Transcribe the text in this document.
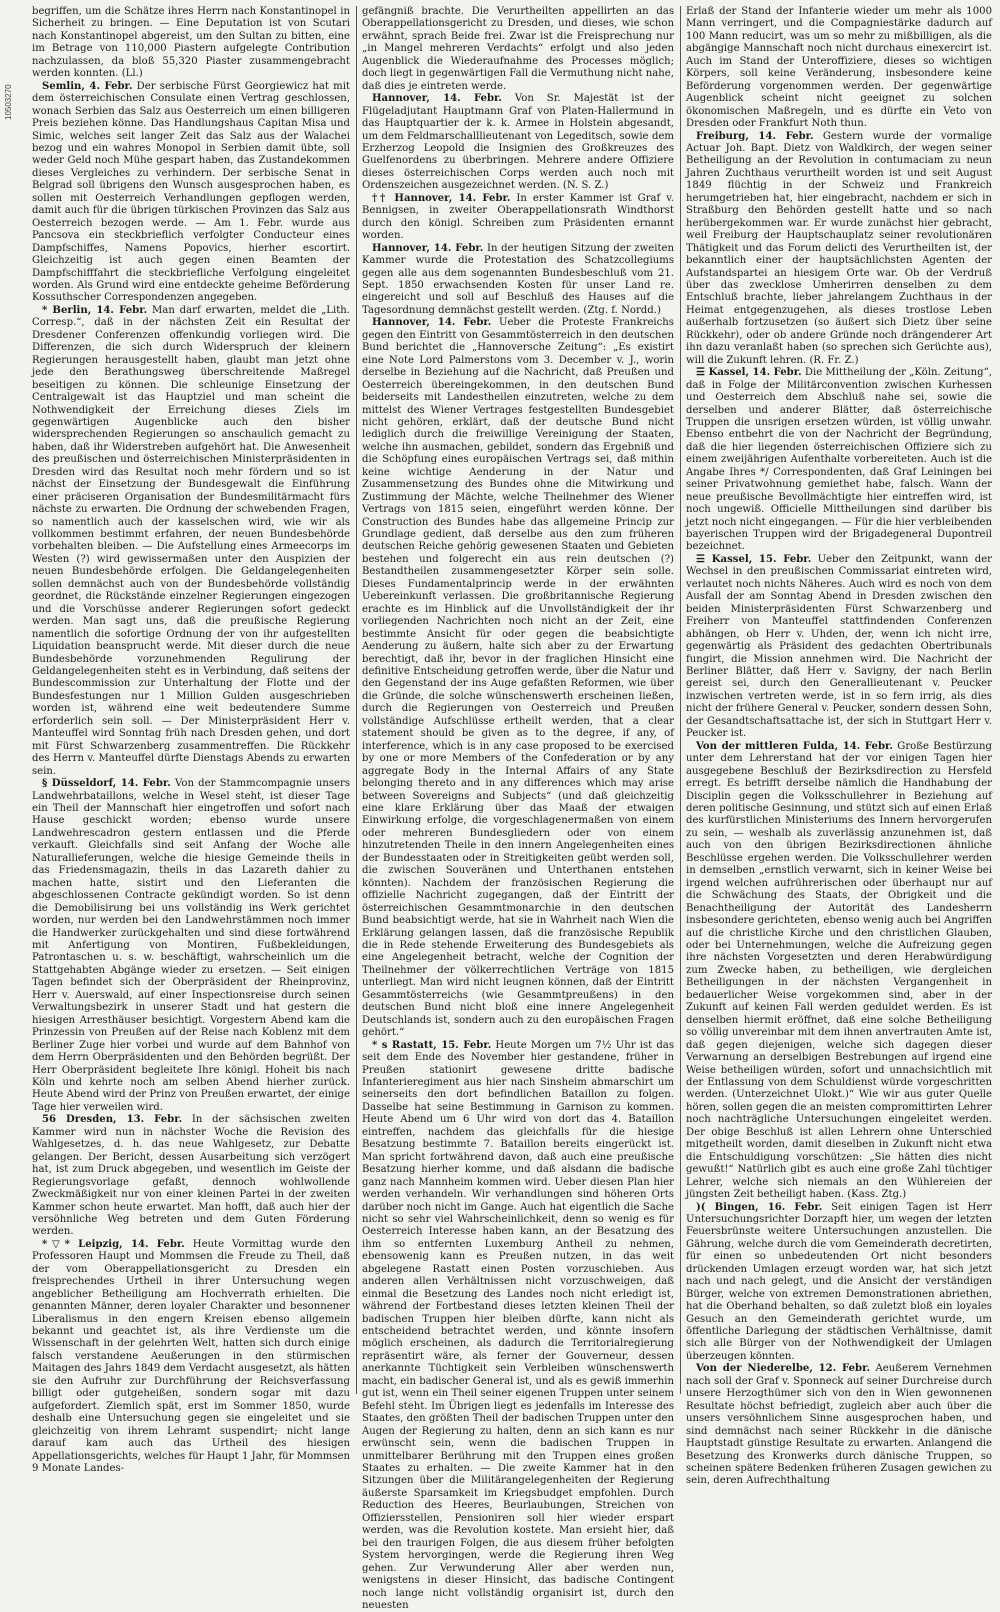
10503270

begriffen, um die Schätze ihres Herrn nach Konstantinopel in Sicherheit zu bringen. — Eine Deputation ist von Scutari nach Konstantinopel abgereist, um den Sultan zu bitten, eine im Betrage von 110,000 Piastern aufgelegte Contribution nachzulassen, da bloß 55,320 Piaster zusammengebracht werden konnten. (Ll.)

Semlin, 4. Febr. Der serbische Fürst Georgiewicz hat mit dem österreichischen Consulate einen Vertrag geschlossen, wonach Serbien das Salz aus Oesterreich um einen billigeren Preis beziehen könne. Das Handlungshaus Capitan Misa und Simic, welches seit langer Zeit das Salz aus der Walachei bezog und ein wahres Monopol in Serbien damit übte, soll weder Geld noch Mühe gespart haben, das Zustandekommen dieses Vergleiches zu verhindern. Der serbische Senat in Belgrad soll übrigens den Wunsch ausgesprochen haben, es sollen mit Oesterreich Verhandlungen gepflogen werden, damit auch für die übrigen türkischen Provinzen das Salz aus Oesterreich bezogen werde. — Am 1. Febr. wurde aus Pancsova ein steckbrieflich verfolgter Conducteur eines Dampfschiffes, Namens Popovics, hierher escortirt. Gleichzeitig ist auch gegen einen Beamten der Dampfschifffahrt die steckbriefliche Verfolgung eingeleitet worden. Als Grund wird eine entdeckte geheime Beförderung Kossuthscher Correspondenzen angegeben.

* Berlin, 14. Febr. Man darf erwarten, meldet die „Lith. Corresp.“, daß in der nächsten Zeit ein Resultat der Dresdener Conferenzen offenkundig vorliegen wird. Die Differenzen, die sich durch Widerspruch der kleinern Regierungen herausgestellt haben, glaubt man jetzt ohne jede den Berathungsweg überschreitende Maßregel beseitigen zu können. Die schleunige Einsetzung der Centralgewalt ist das Hauptziel und man scheint die Nothwendigkeit der Erreichung dieses Ziels im gegenwärtigen Augenblicke auch den bisher widersprechenden Regierungen so anschaulich gemacht zu haben, daß ihr Widerstreben aufgehört hat. Die Anwesenheit des preußischen und österreichischen Ministerpräsidenten in Dresden wird das Resultat noch mehr fördern und so ist nächst der Einsetzung der Bundesgewalt die Einführung einer präciseren Organisation der Bundesmilitärmacht fürs nächste zu erwarten. Die Ordnung der schwebenden Fragen, so namentlich auch der kasselschen wird, wie wir als vollkommen bestimmt erfahren, der neuen Bundesbehörde vorbehalten bleiben. — Die Aufstellung eines Armeecorps im Westen (?) wird gewissermaßen unter den Auspizien der neuen Bundesbehörde erfolgen. Die Geldangelegenheiten sollen demnächst auch von der Bundesbehörde vollständig geordnet, die Rückstände einzelner Regierungen eingezogen und die Vorschüsse anderer Regierungen sofort gedeckt werden. Man sagt uns, daß die preußische Regierung namentlich die sofortige Ordnung der von ihr aufgestellten Liquidation beansprucht werde. Mit dieser durch die neue Bundesbehörde vorzunehmenden Regulirung der Geldangelegenheiten steht es in Verbindung, daß seitens der Bundescommission zur Unterhaltung der Flotte und der Bundesfestungen nur 1 Million Gulden ausgeschrieben worden ist, während eine weit bedeutendere Summe erforderlich sein soll. — Der Ministerpräsident Herr v. Manteuffel wird Sonntag früh nach Dresden gehen, und dort mit Fürst Schwarzenberg zusammentreffen. Die Rückkehr des Herrn v. Manteuffel dürfte Dienstags Abends zu erwarten sein.

§ Düsseldorf, 14. Febr. Von der Stammcompagnie unsers Landwehrbataillons, welche in Wesel steht, ist dieser Tage ein Theil der Mannschaft hier eingetroffen und sofort nach Hause geschickt worden; ebenso wurde unsere Landwehrescadron gestern entlassen und die Pferde verkauft. Gleichfalls sind seit Anfang der Woche alle Naturallieferungen, welche die hiesige Gemeinde theils in das Friedensmagazin, theils in das Lazareth dahier zu machen hatte, sistirt und den Lieferanten die abgeschlossenen Contracte gekündigt worden. So ist denn die Demobilisirung bei uns vollständig ins Werk gerichtet worden, nur werden bei den Landwehrstämmen noch immer die Handwerker zurückgehalten und sind diese fortwährend mit Anfertigung von Montiren, Fußbekleidungen, Patrontaschen u. s. w. beschäftigt, wahrscheinlich um die Stattgehabten Abgänge wieder zu ersetzen. — Seit einigen Tagen befindet sich der Oberpräsident der Rheinprovinz, Herr v. Auerswald, auf einer Inspectionsreise durch seinen Verwaltungsbezirk in unserer Stadt und hat gestern die hiesigen Arresthäuser besichtigt. Vorgestern Abend kam die Prinzessin von Preußen auf der Reise nach Koblenz mit dem Berliner Zuge hier vorbei und wurde auf dem Bahnhof von dem Herrn Oberpräsidenten und den Behörden begrüßt. Der Herr Oberpräsident begleitete Ihre königl. Hoheit bis nach Köln und kehrte noch am selben Abend hierher zurück. Heute Abend wird der Prinz von Preußen erwartet, der einige Tage hier verweilen wird.

56 Dresden, 13. Febr. In der sächsischen zweiten Kammer wird nun in nächster Woche die Revision des Wahlgesetzes, d. h. das neue Wahlgesetz, zur Debatte gelangen. Der Bericht, dessen Ausarbeitung sich verzögert hat, ist zum Druck abgegeben, und wesentlich im Geiste der Regierungsvorlage gefaßt, dennoch wohlwollende Zweckmäßigkeit nur von einer kleinen Partei in der zweiten Kammer schon heute erwartet. Man hofft, daß auch hier der versöhnliche Weg betreten und dem Guten Förderung werden.

*▽* Leipzig, 14. Febr. Heute Vormittag wurde den Professoren Haupt und Mommsen die Freude zu Theil, daß der vom Oberappellationsgericht zu Dresden ein freisprechendes Urtheil in ihrer Untersuchung wegen angeblicher Betheiligung am Hochverrath erhielten. Die genannten Männer, deren loyaler Charakter und besonnener Liberalismus in den engern Kreisen ebenso allgemein bekannt und geachtet ist, als ihre Verdienste um die Wissenschaft in der gelehrten Welt, hatten sich durch einige falsch verstandene Aeußerungen in den stürmischen Maitagen des Jahrs 1849 dem Verdacht ausgesetzt, als hätten sie den Aufruhr zur Durchführung der Reichsverfassung billigt oder gutgeheißen, sondern sogar mit dazu aufgefordert. Ziemlich spät, erst im Sommer 1850, wurde deshalb eine Untersuchung gegen sie eingeleitet und sie gleichzeitig von ihrem Lehramt suspendirt; nicht lange darauf kam auch das Urtheil des hiesigen Appellationsgerichts, welches für Haupt 1 Jahr, für Mommsen 9 Monate Landes-

gefängniß brachte. Die Verurtheilten appellirten an das Oberappellationsgericht zu Dresden, und dieses, wie schon erwähnt, sprach Beide frei. Zwar ist die Freisprechung nur „in Mangel mehreren Verdachts“ erfolgt und also jeden Augenblick die Wiederaufnahme des Processes möglich; doch liegt in gegenwärtigen Fall die Vermuthung nicht nahe, daß dies je eintreten werde.

Hannover, 14. Febr. Von Sr. Majestät ist der Flügeladjutant Hauptmann Graf von Platen-Hallermund in das Hauptquartier der k. k. Armee in Holstein abgesandt, um dem Feldmarschalllieutenant von Legeditsch, sowie dem Erzherzog Leopold die Insignien des Großkreuzes des Guelfenordens zu überbringen. Mehrere andere Offiziere dieses österreichischen Corps werden auch noch mit Ordenszeichen ausgezeichnet werden. (N. S. Z.)

†† Hannover, 14. Febr. In erster Kammer ist Graf v. Bennigsen, in zweiter Oberappellationsrath Windthorst durch den königl. Schreiben zum Präsidenten ernannt worden.

Hannover, 14. Febr. In der heutigen Sitzung der zweiten Kammer wurde die Protestation des Schatzcollegiums gegen alle aus dem sogenannten Bundesbeschluß vom 21. Sept. 1850 erwachsenden Kosten für unser Land re. eingereicht und soll auf Beschluß des Hauses auf die Tagesordnung demnächst gestellt werden. (Ztg. f. Nordd.)

Hannover, 14. Febr. Ueber die Proteste Frankreichs gegen den Eintritt von Gesammtösterreich in den deutschen Bund berichtet die „Hannoversche Zeitung“: „Es existirt eine Note Lord Palmerstons vom 3. December v. J., worin derselbe in Beziehung auf die Nachricht, daß Preußen und Oesterreich übereingekommen, in den deutschen Bund beiderseits mit Landestheilen einzutreten, welche zu dem mittelst des Wiener Vertrages festgestellten Bundesgebiet nicht gehören, erklärt, daß der deutsche Bund nicht lediglich durch die freiwillige Vereinigung der Staaten, welche ihn ausmachen, gebildet, sondern das Ergebniß und die Schöpfung eines europäischen Vertrags sei, daß mithin keine wichtige Aenderung in der Natur und Zusammensetzung des Bundes ohne die Mitwirkung und Zustimmung der Mächte, welche Theilnehmer des Wiener Vertrags von 1815 seien, eingeführt werden könne. Der Construction des Bundes habe das allgemeine Princip zur Grundlage gedient, daß derselbe aus den zum früheren deutschen Reiche gehörig gewesenen Staaten und Gebieten bestehen und folgerecht ein aus rein deutschen (?) Bestandtheilen zusammengesetzter Körper sein solle. Dieses Fundamentalprincip werde in der erwähnten Uebereinkunft verlassen. Die großbritannische Regierung erachte es im Hinblick auf die Unvollständigkeit der ihr vorliegenden Nachrichten noch nicht an der Zeit, eine bestimmte Ansicht für oder gegen die beabsichtigte Aenderung zu äußern, halte sich aber zu der Erwartung berechtigt, daß ihr, bevor in der fraglichen Hinsicht eine definitive Entscheidung getroffen werde, über die Natur und den Gegenstand der ins Auge gefaßten Reformen, wie über die Gründe, die solche wünschenswerth erscheinen ließen, durch die Regierungen von Oesterreich und Preußen vollständige Aufschlüsse ertheilt werden, that a clear statement should be given as to the degree, if any, of interference, which is in any case proposed to be exercised by one or more Members of the Confederation or by any aggregate Body in the Internal Affairs of any State belonging thereto and in any differences which may arise between Sovereigns and Subjects“ (und daß gleichzeitig eine klare Erklärung über das Maaß der etwaigen Einwirkung erfolge, die vorgeschlagenermaßen von einem oder mehreren Bundesgliedern oder von einem hinzutretenden Theile in den innern Angelegenheiten eines der Bundesstaaten oder in Streitigkeiten geübt werden soll, die zwischen Souveränen und Unterthanen entstehen könnten). Nachdem der französischen Regierung die offizielle Nachricht zugegangen, daß der Eintritt der österreichischen Gesammtmonarchie in den deutschen Bund beabsichtigt werde, hat sie in Wahrheit nach Wien die Erklärung gelangen lassen, daß die französische Republik die in Rede stehende Erweiterung des Bundesgebiets als eine Angelegenheit betracht, welche der Cognition der Theilnehmer der völkerrechtlichen Verträge von 1815 unterliegt. Man wird nicht leugnen können, daß der Eintritt Gesammtösterreichs (wie Gesammtpreußens) in den deutschen Bund nicht bloß eine innere Angelegenheit Deutschlands ist, sondern auch zu den europäischen Fragen gehört.“

* s Rastatt, 15. Febr. Heute Morgen um 7½ Uhr ist das seit dem Ende des November hier gestandene, früher in Preußen stationirt gewesene dritte badische Infanterieregiment aus hier nach Sinsheim abmarschirt um seinerseits den dort befindlichen Bataillon zu folgen. Dasselbe hat seine Bestimmung in Garnison zu kommen. Heute Abend um 6 Uhr wird von dort das 4. Bataillon eintreffen, nachdem das gleichfalls für die hiesige Besatzung bestimmte 7. Bataillon bereits eingerückt ist. Man spricht fortwährend davon, daß auch eine preußische Besatzung hierher komme, und daß alsdann die badische ganz nach Mannheim kommen wird. Ueber diesen Plan hier werden verhandeln. Wir verhandlungen sind höheren Orts darüber noch nicht im Gange. Auch hat eigentlich die Sache nicht so sehr viel Wahrscheinlichkeit, denn so wenig es für Oesterreich Interesse haben kann, an der Besatzung des ihm so entfernten Luxemburg Antheil zu nehmen, ebensowenig kann es Preußen nutzen, in das weit abgelegene Rastatt einen Posten vorzuschieben. Aus anderen allen Verhältnissen nicht vorzuschweigen, daß einmal die Besetzung des Landes noch nicht erledigt ist, während der Fortbestand dieses letzten kleinen Theil der badischen Truppen hier bleiben dürfte, kann nicht als entscheidend betrachtet werden, und könnte insofern möglich erscheinen, als dadurch die Territorialregierung repräsentirt wäre, als ferner der Gouverneur, dessen anerkannte Tüchtigkeit sein Verbleiben wünschenswerth macht, ein badischer General ist, und als es gewiß immerhin gut ist, wenn ein Theil seiner eigenen Truppen unter seinem Befehl steht. Im Übrigen liegt es jedenfalls im Interesse des Staates, den größten Theil der badischen Truppen unter den Augen der Regierung zu halten, denn an sich kann es nur erwünscht sein, wenn die badischen Truppen in unmittelbarer Berührung mit den Truppen eines großen Staates zu erhalten. — Die zweite Kammer hat in den Sitzungen über die Militärangelegenheiten der Regierung äußerste Sparsamkeit im Kriegsbudget empfohlen. Durch Reduction des Heeres, Beurlaubungen, Streichen von Offiziersstellen, Pensioniren soll hier wieder erspart werden, was die Revolution kostete. Man ersieht hier, daß bei den traurigen Folgen, die aus diesem früher befolgten System hervorgingen, werde die Regierung ihren Weg gehen. Zur Verwunderung Aller aber werden nun, wenigstens in dieser Hinsicht, das badische Contingent noch lange nicht vollständig organisirt ist, durch den neuesten

Erlaß der Stand der Infanterie wieder um mehr als 1000 Mann verringert, und die Compagniestärke dadurch auf 100 Mann reducirt, was um so mehr zu mißbilligen, als die abgängige Mannschaft noch nicht durchaus einexercirt ist. Auch im Stand der Unteroffiziere, dieses so wichtigen Körpers, soll keine Veränderung, insbesondere keine Beförderung vorgenommen werden. Der gegenwärtige Augenblick scheint nicht geeignet zu solchen ökonomischen Maßregeln, und es dürfte ein Veto von Dresden oder Frankfurt Noth thun.

Freiburg, 14. Febr. Gestern wurde der vormalige Actuar Joh. Bapt. Dietz von Waldkirch, der wegen seiner Betheiligung an der Revolution in contumaciam zu neun Jahren Zuchthaus verurtheilt worden ist und seit August 1849 flüchtig in der Schweiz und Frankreich herumgetrieben hat, hier eingebracht, nachdem er sich in Straßburg den Behörden gestellt hatte und so nach herübergekommen war. Er wurde zunächst hier gebracht, weil Freiburg der Hauptschauplatz seiner revolutionären Thätigkeit und das Forum delicti des Verurtheilten ist, der bekanntlich einer der hauptsächlichsten Agenten der Aufstandspartei an hiesigem Orte war. Ob der Verdruß über das zwecklose Umherirren denselben zu dem Entschluß brachte, lieber jahrelangem Zuchthaus in der Heimat entgegenzugehen, als dieses trostlose Leben außerhalb fortzusetzen (so äußert sich Dietz über seine Rückkehr), oder ob andere Gründe noch drängenderer Art ihn dazu veranlaßt haben (so sprechen sich Gerüchte aus), will die Zukunft lehren. (R. Fr. Z.)

☰ Kassel, 14. Febr. Die Mittheilung der „Köln. Zeitung“, daß in Folge der Militärconvention zwischen Kurhessen und Oesterreich dem Abschluß nahe sei, sowie die derselben und anderer Blätter, daß österreichische Truppen die unsrigen ersetzen würden, ist völlig unwahr. Ebenso entbehrt die von der Nachricht der Begründung, daß die hier liegenden österreichischen Offiziere sich zu einem zweijährigen Aufenthalte vorbereiteten. Auch ist die Angabe Ihres */ Correspondenten, daß Graf Leiningen bei seiner Privatwohnung gemiethet habe, falsch. Wann der neue preußische Bevollmächtigte hier eintreffen wird, ist noch ungewiß. Officielle Mittheilungen sind darüber bis jetzt noch nicht eingegangen. — Für die hier verbleibenden bayerischen Truppen wird der Brigadegeneral Dupontreil bezeichnet.

☰ Kassel, 15. Febr. Ueber den Zeitpunkt, wann der Wechsel in den preußischen Commissariat eintreten wird, verlautet noch nichts Näheres. Auch wird es noch von dem Ausfall der am Sonntag Abend in Dresden zwischen den beiden Ministerpräsidenten Fürst Schwarzenberg und Freiherr von Manteuffel stattfindenden Conferenzen abhängen, ob Herr v. Uhden, der, wenn ich nicht irre, gegenwärtig als Präsident des gedachten Obertribunals fungirt, die Mission annehmen wird. Die Nachricht der Berliner Blätter, daß Herr v. Savigny, der nach Berlin gereist sei, durch den Generallieutenant v. Peucker inzwischen vertreten werde, ist in so fern irrig, als dies nicht der frühere General v. Peucker, sondern dessen Sohn, der Gesandtschaftsattache ist, der sich in Stuttgart Herr v. Peucker ist.

Von der mittleren Fulda, 14. Febr. Große Bestürzung unter dem Lehrerstand hat der vor einigen Tagen hier ausgegebene Beschluß der Bezirksdirection zu Hersfeld erregt. Es betrifft derselbe nämlich die Handhabung der Disciplin gegen die Volksschullehrer in Beziehung auf deren politische Gesinnung, und stützt sich auf einen Erlaß des kurfürstlichen Ministeriums des Innern hervorgerufen zu sein, — weshalb als zuverlässig anzunehmen ist, daß auch von den übrigen Bezirksdirectionen ähnliche Beschlüsse ergehen werden. Die Volksschullehrer werden in demselben „ernstlich verwarnt, sich in keiner Weise bei irgend welchen aufrührerischen oder überhaupt nur auf die Schwächung des Staats, der Obrigkeit und die Benachtheiligung der Autorität des Landesherrn insbesondere gerichteten, ebenso wenig auch bei Angriffen auf die christliche Kirche und den christlichen Glauben, oder bei Unternehmungen, welche die Aufreizung gegen ihre nächsten Vorgesetzten und deren Herabwürdigung zum Zwecke haben, zu betheiligen, wie dergleichen Betheiligungen in der nächsten Vergangenheit in bedauerlicher Weise vorgekommen sind, aber in der Zukunft auf keinen Fall werden geduldet werden. Es ist denselben hiermit eröffnet, daß eine solche Betheiligung so völlig unvereinbar mit dem ihnen anvertrauten Amte ist, daß gegen diejenigen, welche sich dagegen dieser Verwarnung an derselbigen Bestrebungen auf irgend eine Weise betheiligen würden, sofort und unnachsichtlich mit der Entlassung von dem Schuldienst würde vorgeschritten werden. (Unterzeichnet Ulokt.)“ Wie wir aus guter Quelle hören, sollen gegen die an meisten compromittirten Lehrer noch nachträgliche Untersuchungen eingeleitet werden. Der obige Beschluß ist allen Lehrern ohne Unterschied mitgetheilt worden, damit dieselben in Zukunft nicht etwa die Entschuldigung vorschützen: „Sie hätten dies nicht gewußt!“ Natürlich gibt es auch eine große Zahl tüchtiger Lehrer, welche sich niemals an den Wühlereien der jüngsten Zeit betheiligt haben. (Kass. Ztg.)

)( Bingen, 16. Febr. Seit einigen Tagen ist Herr Untersuchungsrichter Dorzapft hier, um wegen der letzten Feuersbrünste weitere Untersuchungen anzustellen. Die Gährung, welche durch die vom Gemeinderath decretirten, für einen so unbedeutenden Ort nicht besonders drückenden Umlagen erzeugt worden war, hat sich jetzt nach und nach gelegt, und die Ansicht der verständigen Bürger, welche von extremen Demonstrationen abriethen, hat die Oberhand behalten, so daß zuletzt bloß ein loyales Gesuch an den Gemeinderath gerichtet wurde, um öffentliche Darlegung der städtischen Verhältnisse, damit sich alle Bürger von der Nothwendigkeit der Umlagen überzeugen könnten.

Von der Niederelbe, 12. Febr. Aeußerem Vernehmen nach soll der Graf v. Sponneck auf seiner Durchreise durch unsere Herzogthümer sich von den in Wien gewonnenen Resultate höchst befriedigt, zugleich aber auch über die unsers versöhnlichem Sinne ausgesprochen haben, und sind demnächst nach seiner Rückkehr in die dänische Hauptstadt günstige Resultate zu erwarten. Anlangend die Besetzung des Kronwerks durch dänische Truppen, so scheinen spätere Bedenken früheren Zusagen gewichen zu sein, deren Aufrechthaltung
